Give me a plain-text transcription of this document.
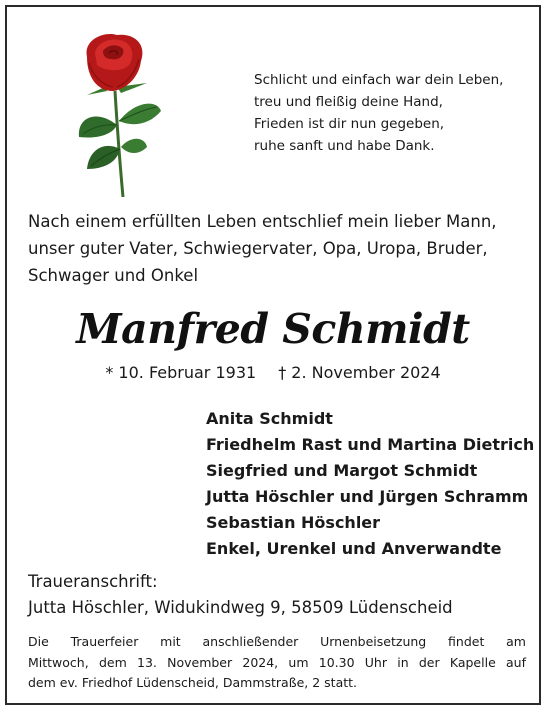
Schlicht und einfach war dein Leben,
treu und fleißig deine Hand,
Frieden ist dir nun gegeben,
ruhe sanft und habe Dank.
Nach einem erfüllten Leben entschlief mein lieber Mann, unser guter Vater, Schwiegervater, Opa, Uropa, Bruder, Schwager und Onkel
Manfred Schmidt
* 10. Februar 1931 † 2. November 2024
Anita Schmidt
Friedhelm Rast und Martina Dietrich
Siegfried und Margot Schmidt
Jutta Höschler und Jürgen Schramm
Sebastian Höschler
Enkel, Urenkel und Anverwandte
Traueranschrift:
Jutta Höschler, Widukindweg 9, 58509 Lüdenscheid
Die Trauerfeier mit anschließender Urnenbeisetzung findet am
Mittwoch, dem 13. November 2024, um 10.30 Uhr in der Kapelle auf
dem ev. Friedhof Lüdenscheid, Dammstraße, 2 statt.
